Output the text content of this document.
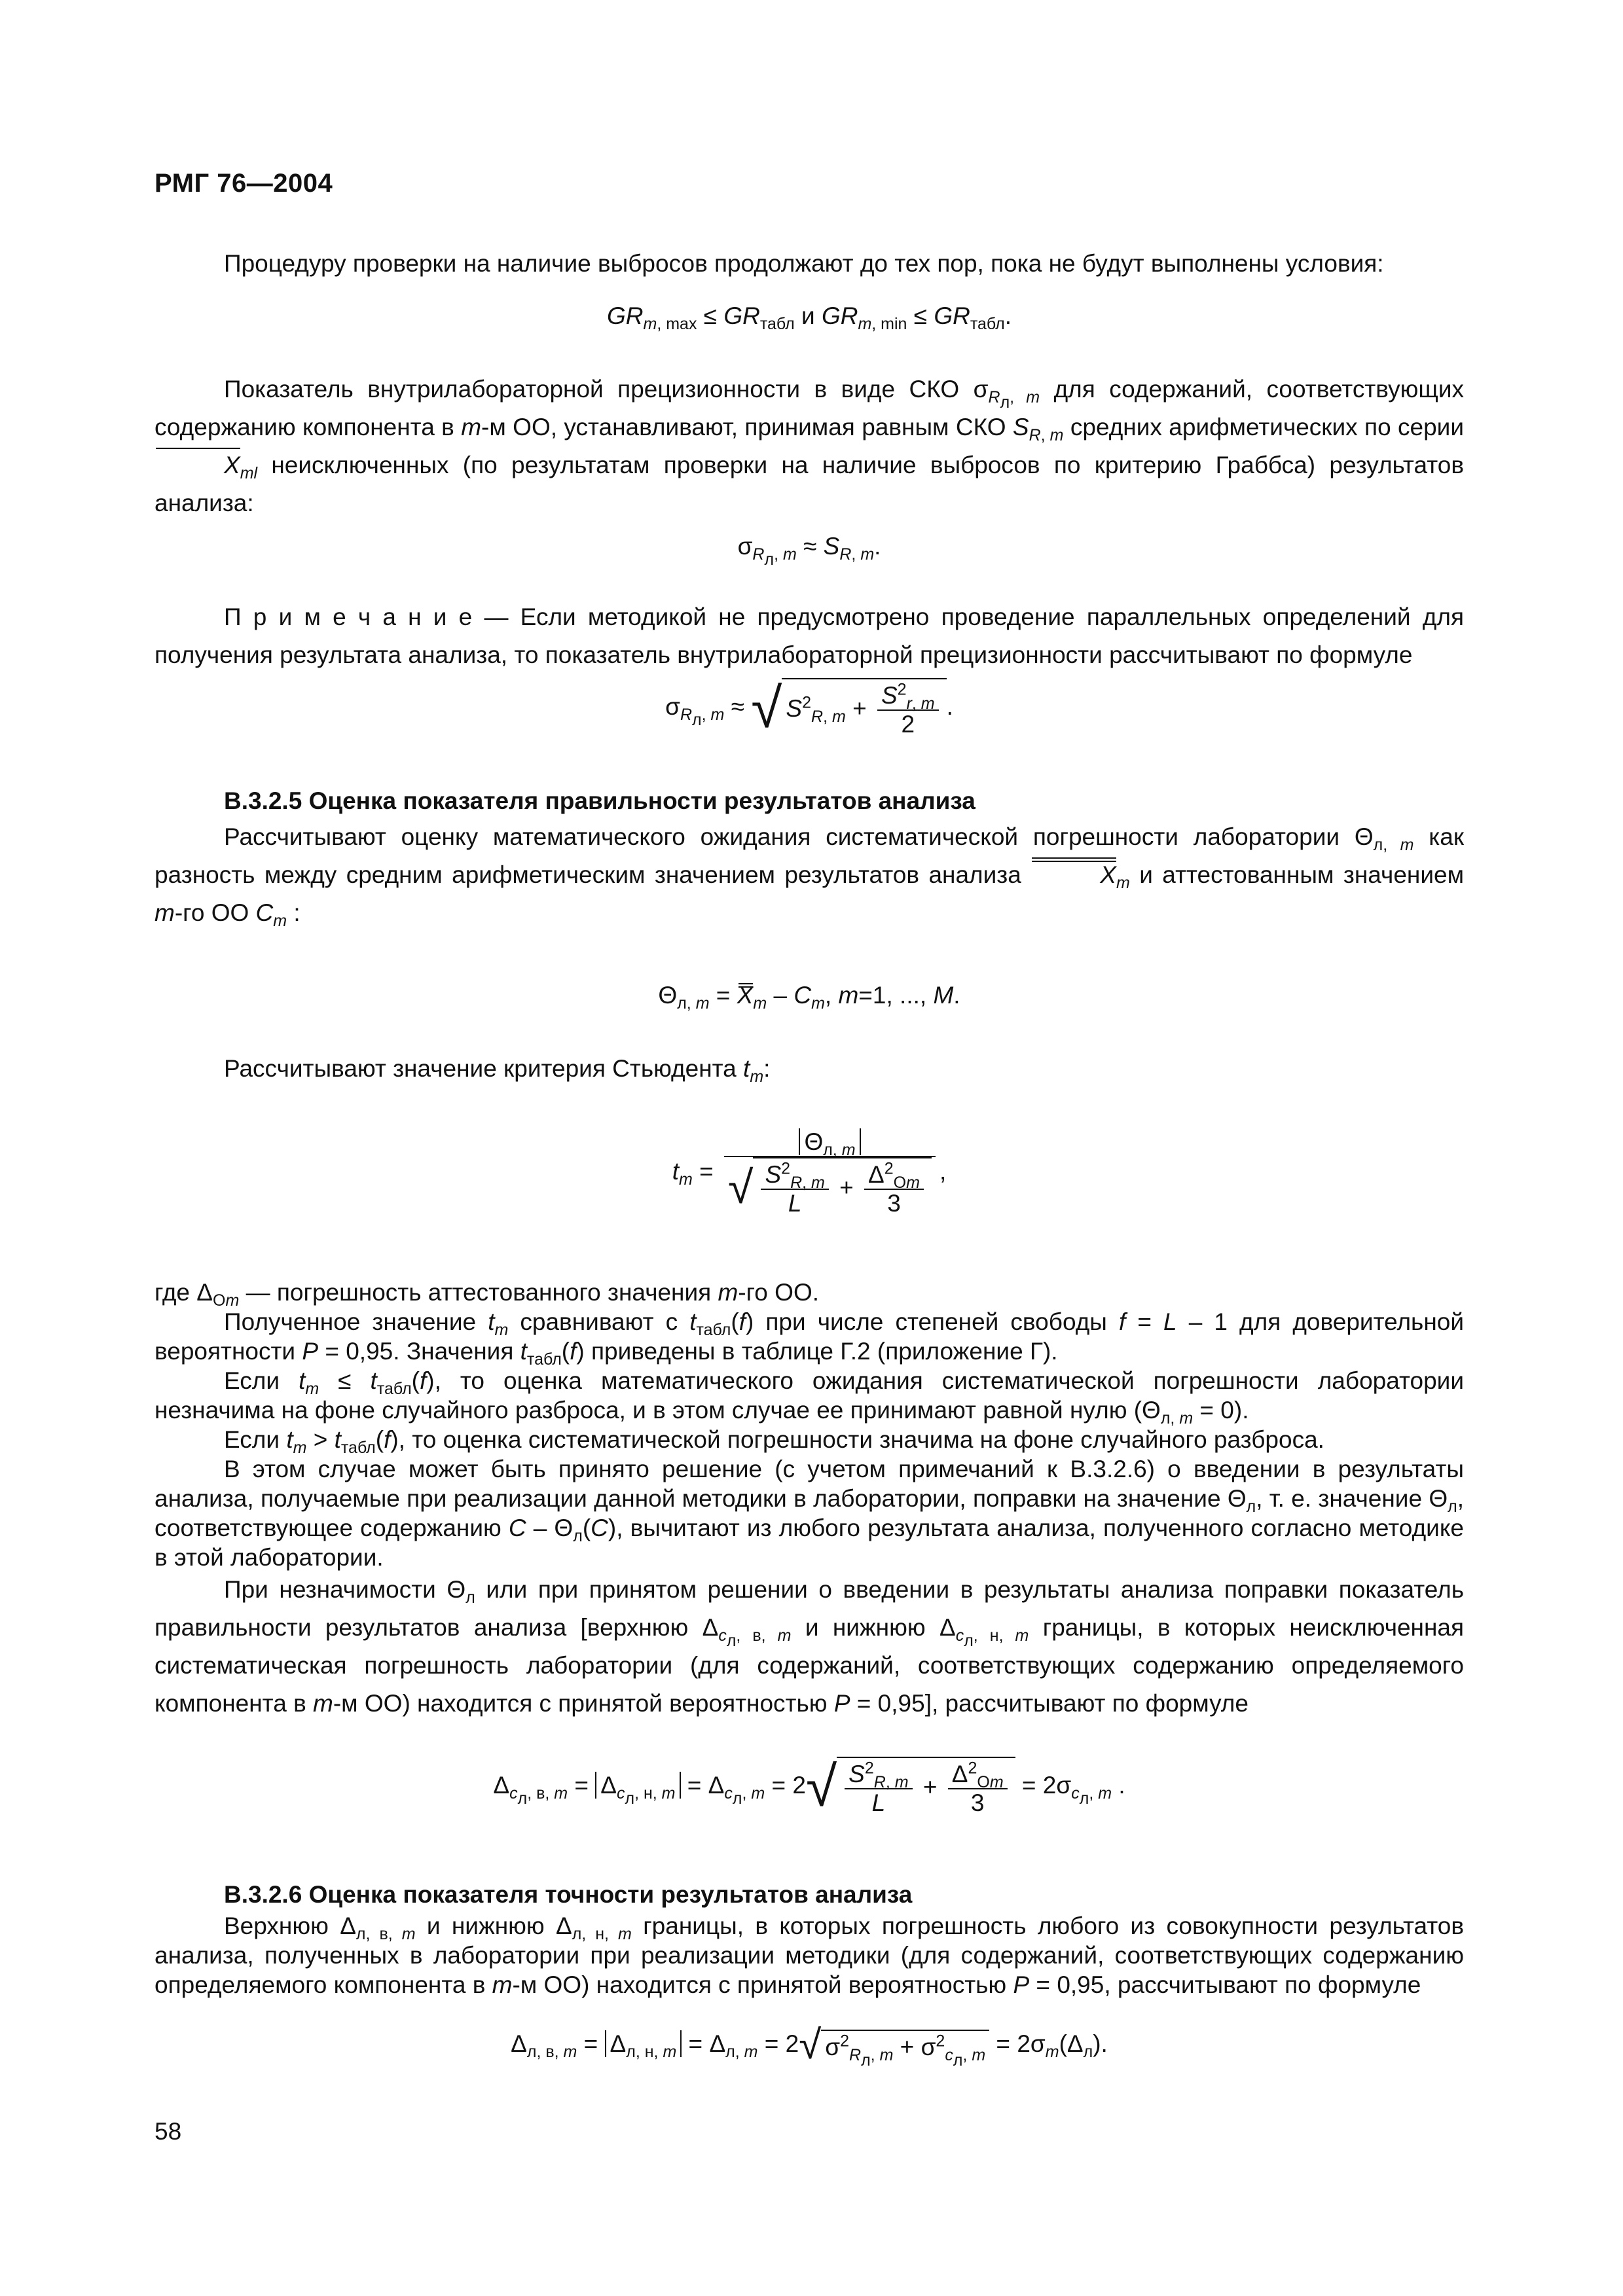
РМГ 76—2004
Процедуру проверки на наличие выбросов продолжают до тех пор, пока не будут выполнены условия:
$GR_{m, max} \le GR_{табл}$ и $GR_{m, min} \le GR_{табл}$.
Показатель внутрилабораторной прецизионности в виде СКО $\sigma_{R_л, m}$ для содержаний, соответствующих содержанию компонента в m-м ОО, устанавливают, принимая равным СКО $S_{R, m}$ средних арифметических по серии $X_{ml}$ неисключенных (по результатам проверки на наличие выбросов по критерию Граббса) результатов анализа:
$\sigma_{R_л, m} \approx S_{R, m}$.
П р и м е ч а н и е — Если методикой не предусмотрено проведение параллельных определений для получения результата анализа, то показатель внутрилабораторной прецизионности рассчитывают по формуле
$\sigma_{R_л, m}$ ≈ √ $S^2_{R, m} + \frac{S^2_{r, m}}{2}$ .
В.3.2.5 Оценка показателя правильности результатов анализа
Рассчитывают оценку математического ожидания систематической погрешности лаборатории $\Theta_{л, m}$ как разность между средним арифметическим значением результатов анализа	$X_m$ и аттестованным значением m-го ОО $C_m$ :
$\Theta_{л, m} = X_m - C_m$, m=1, ..., M.
Рассчитывают значение критерия Стьюдента $t_m$:
$t_m = \frac{\Theta_{л, m}}{√ \frac{S^2_{R, m}}{L} + \frac{\Delta^2_{Оm}}{3}}$ ,
где $\Delta_{Оm}$ — погрешность аттестованного значения m-го ОО.
Полученное значение $t_m$ сравнивают с $t_{табл}(f)$ при числе степеней свободы f = L – 1 для доверительной вероятности P = 0,95. Значения $t_{табл}(f)$ приведены в таблице Г.2 (приложение Г).
Если $t_m \le t_{табл}(f)$, то оценка математического ожидания систематической погрешности лаборатории незначима на фоне случайного разброса, и в этом случае ее принимают равной нулю $(\Theta_{л, m} = 0)$.
Если $t_m > t_{табл}(f)$, то оценка систематической погрешности значима на фоне случайного разброса.
В этом случае может быть принято решение (с учетом примечаний к В.3.2.6) о введении в результаты анализа, получаемые при реализации данной методики в лаборатории, поправки на значение $\Theta_л$, т. е. значение $\Theta_л$, соответствующее содержанию C – $\Theta_л(C)$, вычитают из любого результата анализа, полученного согласно методике в этой лаборатории.
При незначимости $\Theta_л$ или при принятом решении о введении в результаты анализа поправки показатель правильности результатов анализа [верхнюю $\Delta_{c_л, в, m}$ и нижнюю $\Delta_{c_л, н, m}$ границы, в которых неисключенная систематическая погрешность лаборатории (для содержаний, соответствующих содержанию определяемого компонента в m-м ОО) находится с принятой вероятностью P = 0,95], рассчитывают по формуле
$\Delta_{c_л, в, m} = \Delta_{c_л, н, m} = \Delta_{c_л, m} = 2√ \frac{S^2_{R, m}}{L} + \frac{\Delta^2_{Оm}}{3} = 2\sigma_{c_л, m}$ .
В.3.2.6 Оценка показателя точности результатов анализа
Верхнюю $\Delta_{л, в, m}$ и нижнюю $\Delta_{л, н, m}$ границы, в которых погрешность любого из совокупности результатов анализа, полученных в лаборатории при реализации методики (для содержаний, соответствующих содержанию определяемого компонента в m-м ОО) находится с принятой вероятностью P = 0,95, рассчитывают по формуле
$\Delta_{л, в, m} = \Delta_{л, н, m} = \Delta_{л, m} = 2√$ $\sigma^2_{R_л, m} + \sigma^2_{c_л, m} = 2\sigma_m(\Delta_л)$.
58
